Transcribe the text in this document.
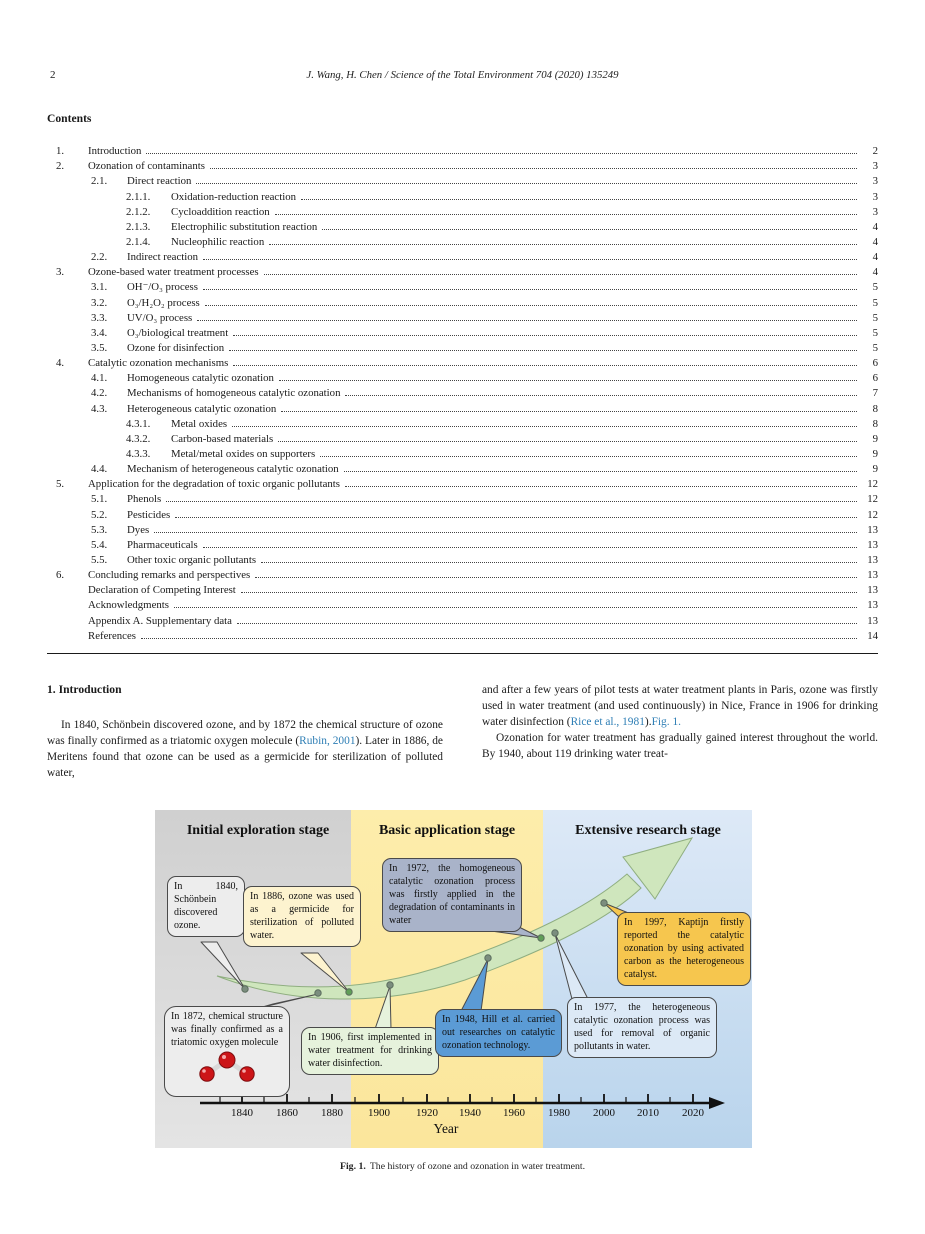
2	J. Wang, H. Chen / Science of the Total Environment 704 (2020) 135249
Contents
1.	Introduction	2
2.	Ozonation of contaminants	3
2.1.	Direct reaction	3
2.1.1.	Oxidation-reduction reaction	3
2.1.2.	Cycloaddition reaction	3
2.1.3.	Electrophilic substitution reaction	4
2.1.4.	Nucleophilic reaction	4
2.2.	Indirect reaction	4
3.	Ozone-based water treatment processes	4
3.1.	OH⁻/O₃ process	5
3.2.	O₃/H₂O₂ process	5
3.3.	UV/O₃ process	5
3.4.	O₃/biological treatment	5
3.5.	Ozone for disinfection	5
4.	Catalytic ozonation mechanisms	6
4.1.	Homogeneous catalytic ozonation	6
4.2.	Mechanisms of homogeneous catalytic ozonation	7
4.3.	Heterogeneous catalytic ozonation	8
4.3.1.	Metal oxides	8
4.3.2.	Carbon-based materials	9
4.3.3.	Metal/metal oxides on supporters	9
4.4.	Mechanism of heterogeneous catalytic ozonation	9
5.	Application for the degradation of toxic organic pollutants	12
5.1.	Phenols	12
5.2.	Pesticides	12
5.3.	Dyes	13
5.4.	Pharmaceuticals	13
5.5.	Other toxic organic pollutants	13
6.	Concluding remarks and perspectives	13
Declaration of Competing Interest	13
Acknowledgments	13
Appendix A. Supplementary data	13
References	14
1. Introduction

In 1840, Schönbein discovered ozone, and by 1872 the chemical structure of ozone was finally confirmed as a triatomic oxygen molecule (Rubin, 2001). Later in 1886, de Meritens found that ozone can be used as a germicide for sterilization of polluted water,

and after a few years of pilot tests at water treatment plants in Paris, ozone was firstly used in water treatment (and used continuously) in Nice, France in 1906 for drinking water disinfection (Rice et al., 1981).Fig. 1.

Ozonation for water treatment has gradually gained interest throughout the world. By 1940, about 119 drinking water treat-

Initial exploration stage	Basic application stage	Extensive research stage
In 1840, Schönbein discovered ozone.
In 1872, chemical structure was finally confirmed as a triatomic oxygen molecule
In 1886, ozone was used as a germicide for sterilization of polluted water.
In 1906, first implemented in water treatment for drinking water disinfection.
In 1948, Hill et al. carried out researches on catalytic ozonation technology.
In 1972, the homogeneous catalytic ozonation process was firstly applied in the degradation of contaminants in water
In 1977, the heterogeneous catalytic ozonation process was used for removal of organic pollutants in water.
In 1997, Kaptijn firstly reported the catalytic ozonation by using activated carbon as the heterogeneous catalyst.
1840	1860	1880	1900	1920	1940	1960	1980	2000	2010	2020
Year
Fig. 1. The history of ozone and ozonation in water treatment.
